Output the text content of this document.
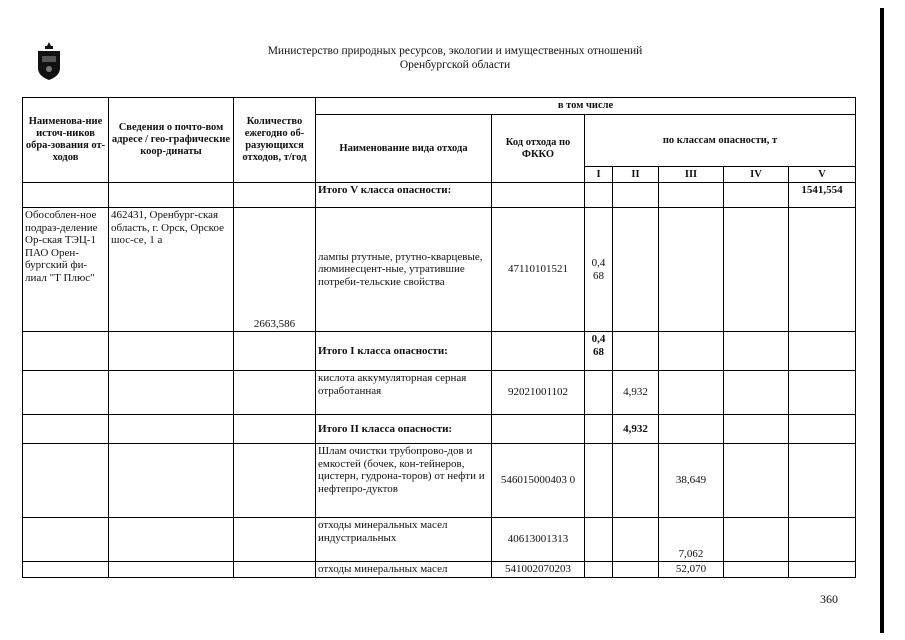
Министерство природных ресурсов, экологии и имущественных отношений
Оренбургской области
Наименова-ние источ-ников обра-зования от-ходов	Сведения о почто-вом адресе / гео-графические коор-динаты	Количество ежегодно об-разующихся отходов, т/год	в том числе						
			Наименование вида отхода	Код отхода по ФККО	по классам опасности, т				
					I	II	III	IV	V
			Итого V класса опасности:						1541,554
Обособлен-ное подраз-деление Ор-ская ТЭЦ-1 ПАО Орен-бургский фи-лиал "Т Плюс"	462431, Оренбург-ская область, г. Орск, Орское шос-се, 1 а	2663,586	лампы ртутные, ртутно-кварцевые, люминесцент-ные, утратившие потреби-тельские свойства	47110101521	0,4 68				
			Итого I класса опасности:		0,4 68				
			кислота аккумуляторная серная отработанная	92021001102		4,932			
			Итого II класса опасности:			4,932			
			Шлам очистки трубопрово-дов и емкостей (бочек, кон-тейнеров, цистерн, гудрона-торов) от нефти и нефтепро-дуктов	546015000403 0			38,649		
			отходы минеральных масел индустриальных	40613001313			7,062		
			отходы минеральных масел	541002070203			52,070		
360
